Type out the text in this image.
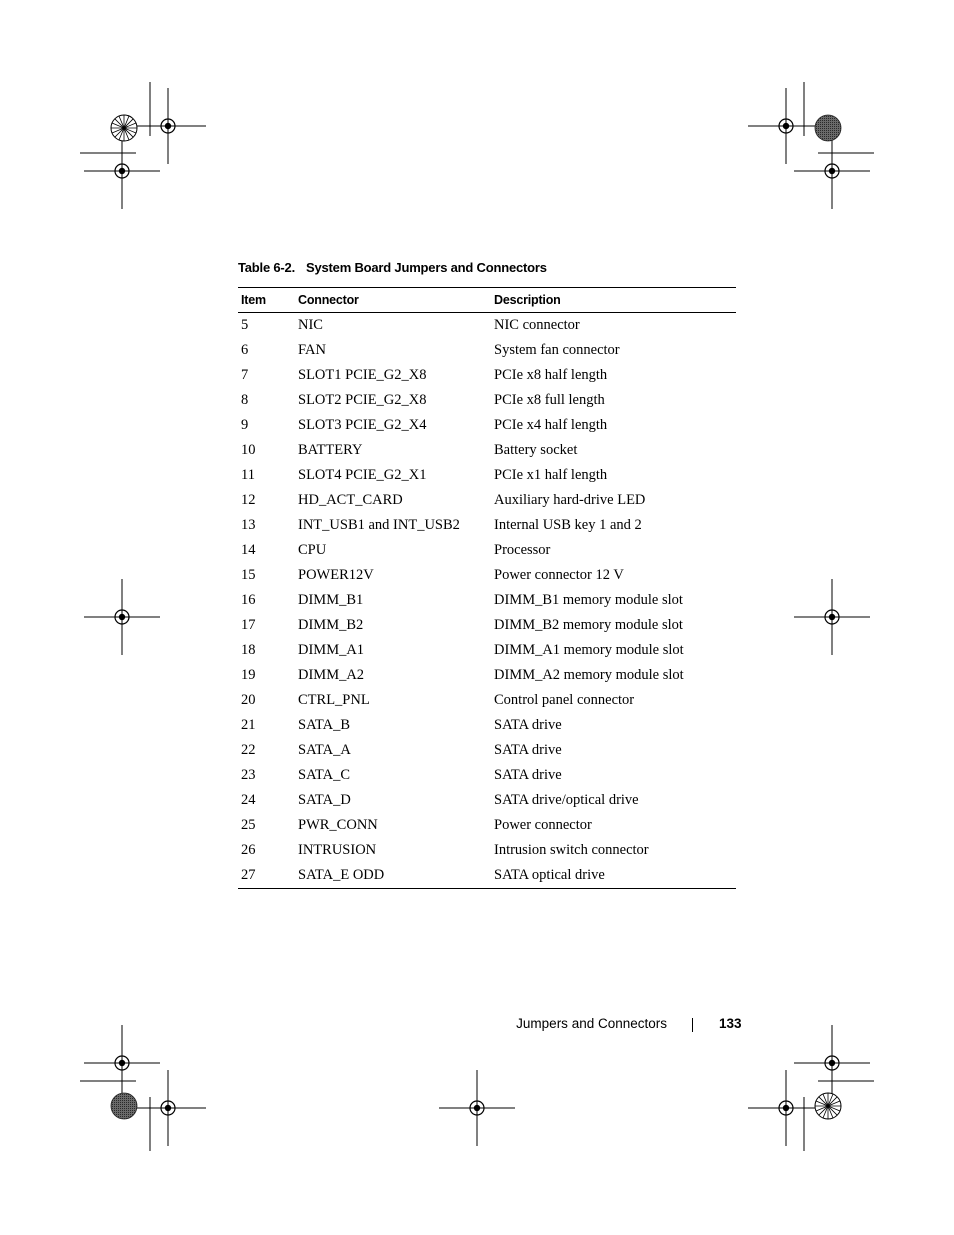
Table 6-2. System Board Jumpers and Connectors
Item	Connector	Description
5	NIC	NIC connector
6	FAN	System fan connector
7	SLOT1 PCIE_G2_X8	PCIe x8 half length
8	SLOT2 PCIE_G2_X8	PCIe x8 full length
9	SLOT3 PCIE_G2_X4	PCIe x4 half length
10	BATTERY	Battery socket
11	SLOT4 PCIE_G2_X1	PCIe x1 half length
12	HD_ACT_CARD	Auxiliary hard-drive LED
13	INT_USB1 and INT_USB2	Internal USB key 1 and 2
14	CPU	Processor
15	POWER12V	Power connector 12 V
16	DIMM_B1	DIMM_B1 memory module slot
17	DIMM_B2	DIMM_B2 memory module slot
18	DIMM_A1	DIMM_A1 memory module slot
19	DIMM_A2	DIMM_A2 memory module slot
20	CTRL_PNL	Control panel connector
21	SATA_B	SATA drive
22	SATA_A	SATA drive
23	SATA_C	SATA drive
24	SATA_D	SATA drive/optical drive
25	PWR_CONN	Power connector
26	INTRUSION	Intrusion switch connector
27	SATA_E ODD	SATA optical drive
Jumpers and Connectors	133
